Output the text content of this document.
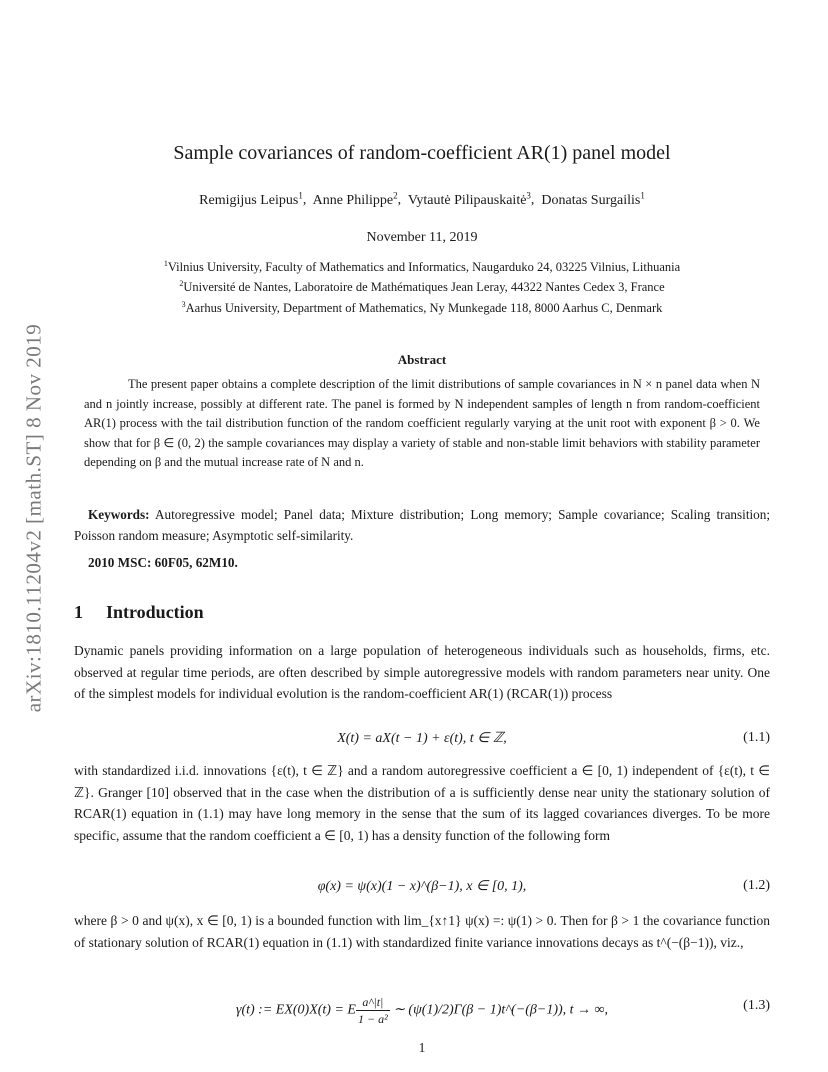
arXiv:1810.11204v2 [math.ST] 8 Nov 2019
Sample covariances of random-coefficient AR(1) panel model
Remigijus Leipus$^1$,  Anne Philippe$^2$,  Vytautė Pilipauskaitė$^3$,  Donatas Surgailis$^1$
November 11, 2019
$^1$Vilnius University, Faculty of Mathematics and Informatics, Naugarduko 24, 03225 Vilnius, Lithuania
$^2$Université de Nantes, Laboratoire de Mathématiques Jean Leray, 44322 Nantes Cedex 3, France
$^3$Aarhus University, Department of Mathematics, Ny Munkegade 118, 8000 Aarhus C, Denmark
Abstract
The present paper obtains a complete description of the limit distributions of sample covariances in N × n panel data when N and n jointly increase, possibly at different rate. The panel is formed by N independent samples of length n from random-coefficient AR(1) process with the tail distribution function of the random coefficient regularly varying at the unit root with exponent β > 0. We show that for β ∈ (0, 2) the sample covariances may display a variety of stable and non-stable limit behaviors with stability parameter depending on β and the mutual increase rate of N and n.
Keywords: Autoregressive model; Panel data; Mixture distribution; Long memory; Sample covariance; Scaling transition; Poisson random measure; Asymptotic self-similarity.
2010 MSC: 60F05, 62M10.
1 Introduction
Dynamic panels providing information on a large population of heterogeneous individuals such as households, firms, etc. observed at regular time periods, are often described by simple autoregressive models with random parameters near unity. One of the simplest models for individual evolution is the random-coefficient AR(1) (RCAR(1)) process
X(t) = aX(t − 1) + ε(t), t ∈ ℤ,	(1.1)
with standardized i.i.d. innovations {ε(t), t ∈ ℤ} and a random autoregressive coefficient a ∈ [0, 1) independent of {ε(t), t ∈ ℤ}. Granger [10] observed that in the case when the distribution of a is sufficiently dense near unity the stationary solution of RCAR(1) equation in (1.1) may have long memory in the sense that the sum of its lagged covariances diverges. To be more specific, assume that the random coefficient a ∈ [0, 1) has a density function of the following form
φ(x) = ψ(x)(1 − x)^(β−1), x ∈ [0, 1),	(1.2)
where β > 0 and ψ(x), x ∈ [0, 1) is a bounded function with lim_{x↑1} ψ(x) =: ψ(1) > 0. Then for β > 1 the covariance function of stationary solution of RCAR(1) equation in (1.1) with standardized finite variance innovations decays as t^(−(β−1)), viz.,
γ(t) := EX(0)X(t) = E $\frac{a\^{}|t|}{\text{1 − a²}}$ ∼ (ψ(1)/2)Γ(β − 1)t^(−(β−1)), t → ∞,	(1.3)
1
